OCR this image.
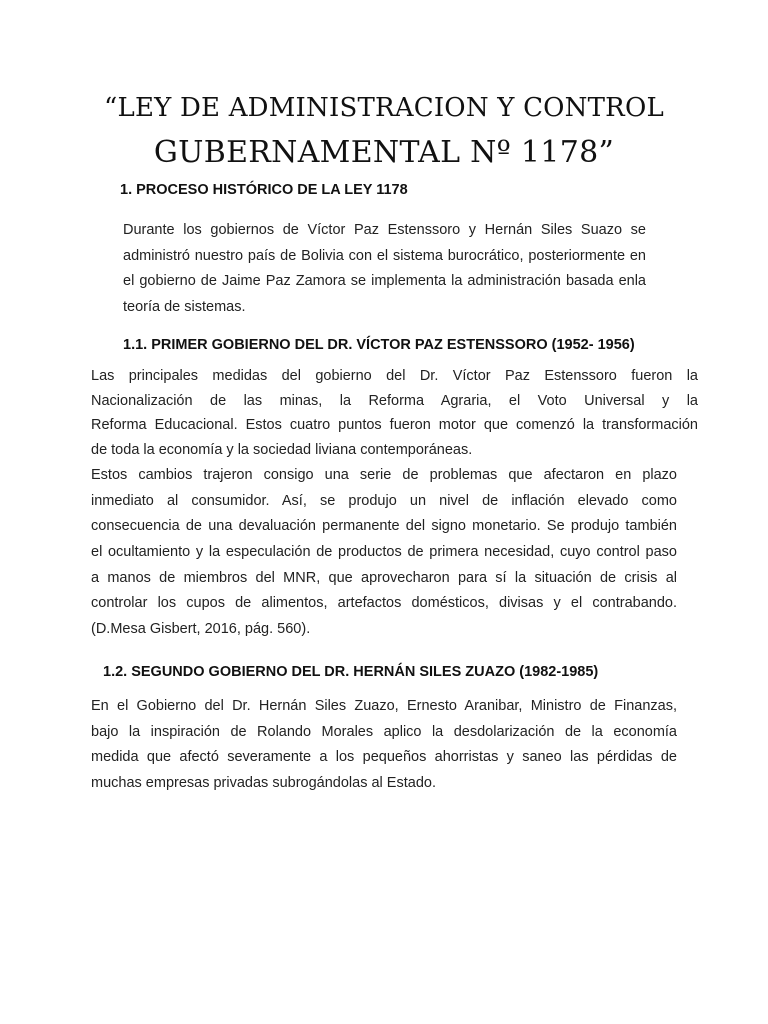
“LEY DE ADMINISTRACION Y CONTROL
GUBERNAMENTAL Nº 1178”
1. PROCESO HISTÓRICO DE LA LEY 1178
Durante los gobiernos de Víctor Paz Estenssoro y Hernán Siles Suazo se
administró nuestro país de Bolivia con el sistema burocrático, posteriormente en
el gobierno de Jaime Paz Zamora se implementa la administración basada enla
teoría de sistemas.
1.1. PRIMER GOBIERNO DEL DR. VÍCTOR PAZ ESTENSSORO (1952- 1956)
Las principales medidas del gobierno del Dr. Víctor Paz Estenssoro fueron la
Nacionalización de las minas, la Reforma Agraria, el Voto Universal y la
Reforma Educacional. Estos cuatro puntos fueron motor que comenzó la transformación
de toda la economía y la sociedad liviana contemporáneas.
Estos cambios trajeron consigo una serie de problemas que afectaron en plazo
inmediato al consumidor. Así, se produjo un nivel de inflación elevado como
consecuencia de una devaluación permanente del signo monetario. Se produjo también
el ocultamiento y la especulación de productos de primera necesidad, cuyo control paso
a manos de miembros del MNR, que aprovecharon para sí la situación de crisis al
controlar los cupos de alimentos, artefactos domésticos, divisas y el contrabando.
(D.Mesa Gisbert, 2016, pág. 560).
1.2. SEGUNDO GOBIERNO DEL DR. HERNÁN SILES ZUAZO (1982-1985)
En el Gobierno del Dr. Hernán Siles Zuazo, Ernesto Aranibar, Ministro de Finanzas,
bajo la inspiración de Rolando Morales aplico la desdolarización de la economía
medida que afectó severamente a los pequeños ahorristas y saneo las pérdidas de
muchas empresas privadas subrogándolas al Estado.
